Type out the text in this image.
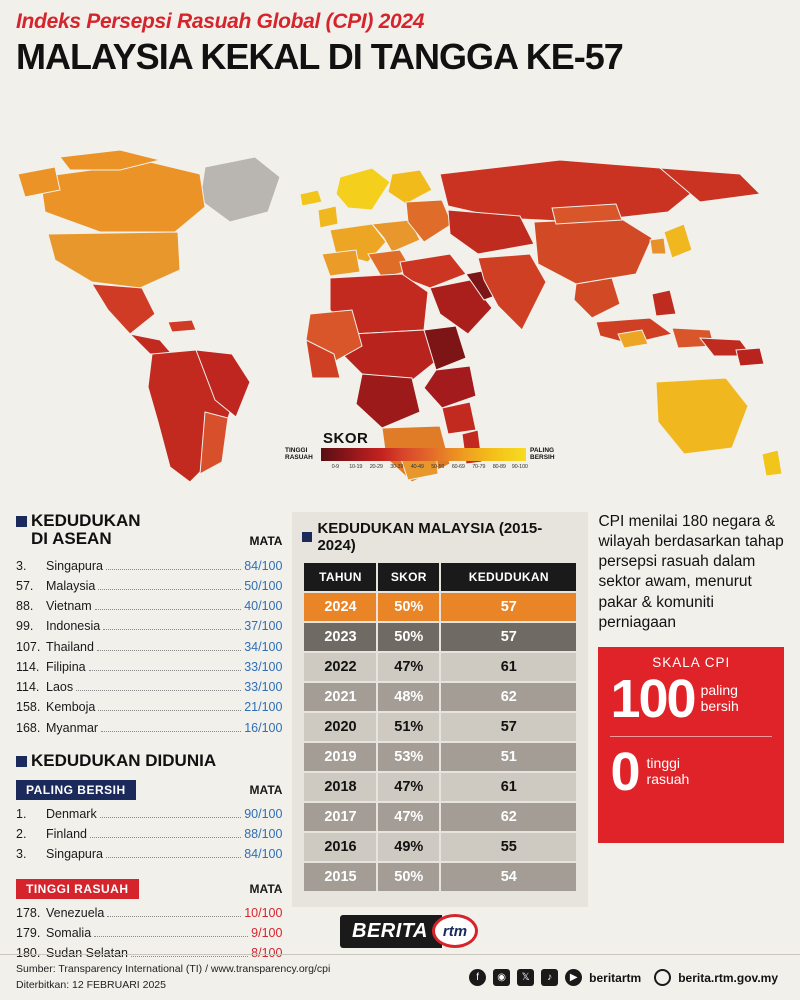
Indeks Persepsi Rasuah Global (CPI) 2024
MALAYSIA KEKAL DI TANGGA KE-57
SKOR
TINGGI
RASUAH
PALING
BERSIH
0-9	10-19	20-29	30-39	40-49	50-59	60-69	70-79	80-89	90-100
KEDUDUKAN
DI ASEAN	MATA
3.	Singapura	84/100
57.	Malaysia	50/100
88.	Vietnam	40/100
99.	Indonesia	37/100
107. Thailand	34/100
114. Filipina	33/100
114. Laos	33/100
158. Kemboja	21/100
168. Myanmar	16/100
KEDUDUKAN DIDUNIA
PALING BERSIH	MATA
1.	Denmark	90/100
2.	Finland	88/100
3.	Singapura	84/100
TINGGI RASUAH	MATA
178. Venezuela	10/100
179. Somalia	9/100
180. Sudan Selatan	8/100
KEDUDUKAN MALAYSIA (2015-2024)
TAHUN	SKOR	KEDUDUKAN
2024	50%	57
2023	50%	57
2022	47%	61
2021	48%	62
2020	51%	57
2019	53%	51
2018	47%	61
2017	47%	62
2016	49%	55
2015	50%	54
CPI menilai 180 negara & wilayah berdasarkan tahap persepsi rasuah dalam sektor awam, menurut pakar & komuniti perniagaan
SKALA CPI
100 paling
bersih
0 tinggi
rasuah
BERITA rtm
Sumber: Transparency International (TI) / www.transparency.org/cpi
Diterbitkan: 12 FEBRUARI 2025
f	◉	𝕏	♪	▶ beritartm	berita.rtm.gov.my
